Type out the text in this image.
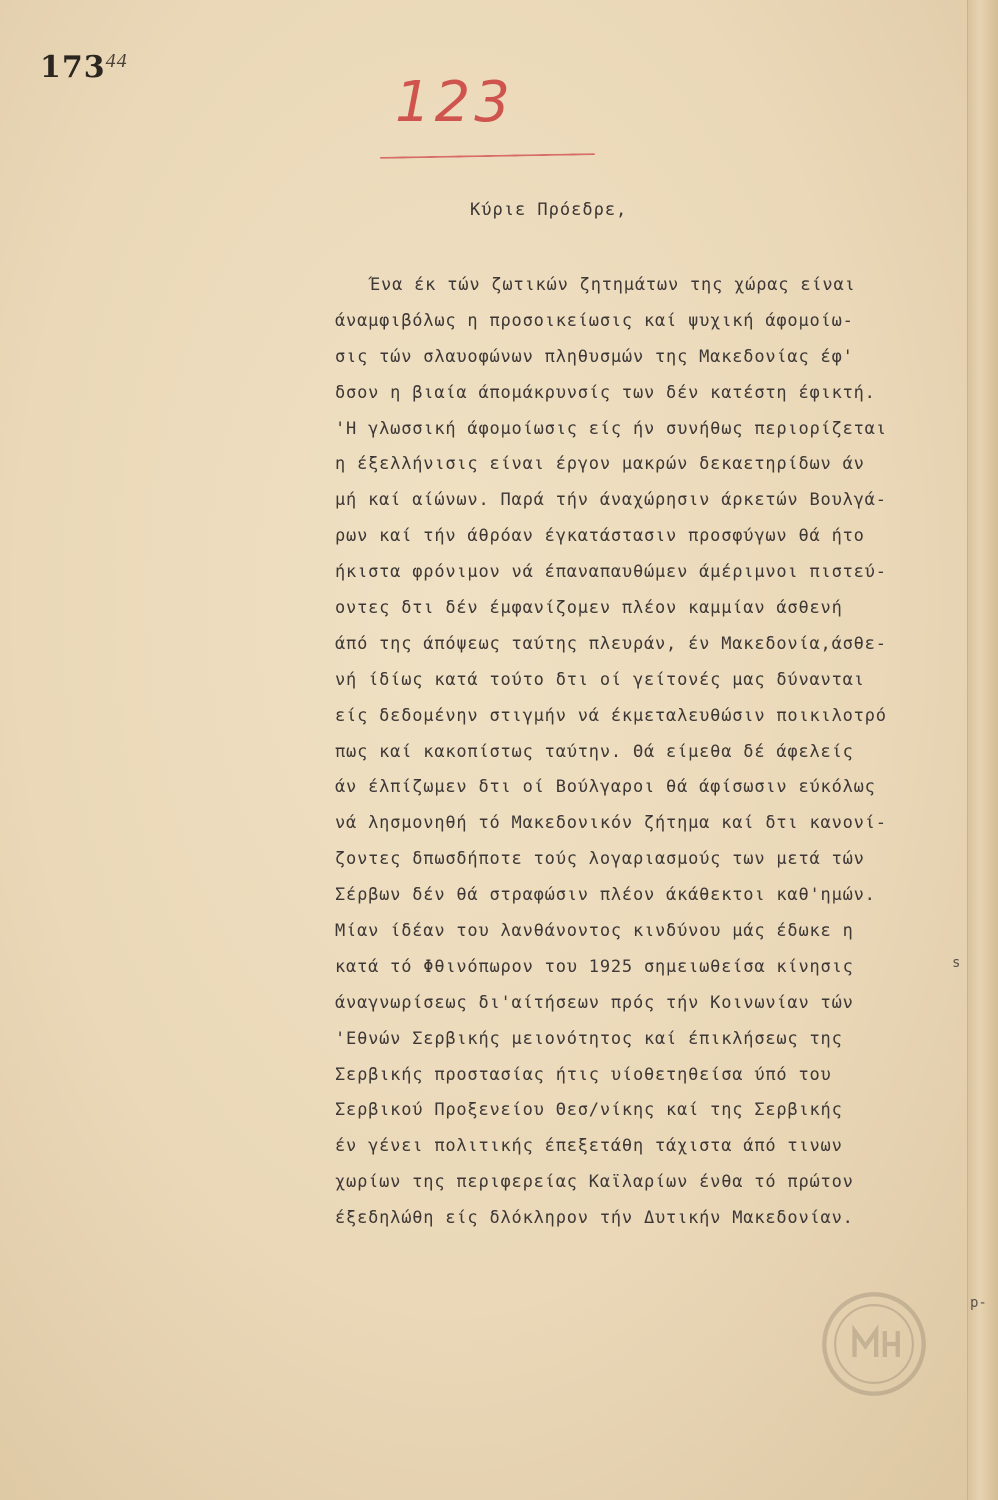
$173^{44}$
123
Κύριε Πρόεδρε,
Ένα έκ τών ζωτικών ζητημάτων της χώρας είναι
άναμφιβόλως η προσοικείωσις καί ψυχική άφομοίω-
σις τών σλαυοφώνων πληθυσμών της Μακεδονίας έφ'
δσον η βιαία άπομάκρυνσίς των δέν κατέστη έφικτή.
'Η γλωσσική άφομοίωσις είς ήν συνήθως περιορίζεται
η έξελλήνισις είναι έργον μακρών δεκαετηρίδων άν
μή καί αίώνων. Παρά τήν άναχώρησιν άρκετών Βουλγά-
ρων καί τήν άθρόαν έγκατάστασιν προσφύγων θά ήτο
ήκιστα φρόνιμον νά έπαναπαυθώμεν άμέριμνοι πιστεύ-
οντες δτι δέν έμφανίζομεν πλέον καμμίαν άσθενή
άπό της άπόψεως ταύτης πλευράν, έν Μακεδονία,άσθε-
νή ίδίως κατά τούτο δτι οί γείτονές μας δύνανται
είς δεδομένην στιγμήν νά έκμεταλευθώσιν ποικιλοτρό
πως καί κακοπίστως ταύτην. Θά είμεθα δέ άφελείς
άν έλπίζωμεν δτι οί Βούλγαροι θά άφίσωσιν εύκόλως
νά λησμονηθή τό Μακεδονικόν ζήτημα καί δτι κανονί-
ζοντες δπωσδήποτε τούς λογαριασμούς των μετά τών
Σέρβων δέν θά στραφώσιν πλέον άκάθεκτοι καθ'ημών.
Μίαν ίδέαν του λανθάνοντος κινδύνου μάς έδωκε η
κατά τό Φθινόπωρον του 1925 σημειωθείσα κίνησις
άναγνωρίσεως δι'αίτήσεων πρός τήν Κοινωνίαν τών
'Εθνών Σερβικής μειονότητος καί έπικλήσεως της
Σερβικής προστασίας ήτις υίοθετηθείσα ύπό του
Σερβικού Προξενείου Θεσ/νίκης καί της Σερβικής
έν γένει πολιτικής έπεξετάθη τάχιστα άπό τινων
χωρίων της περιφερείας Καϊλαρίων ένθα τό πρώτον
έξεδηλώθη είς δλόκληρον τήν Δυτικήν Μακεδονίαν.
s
p-
